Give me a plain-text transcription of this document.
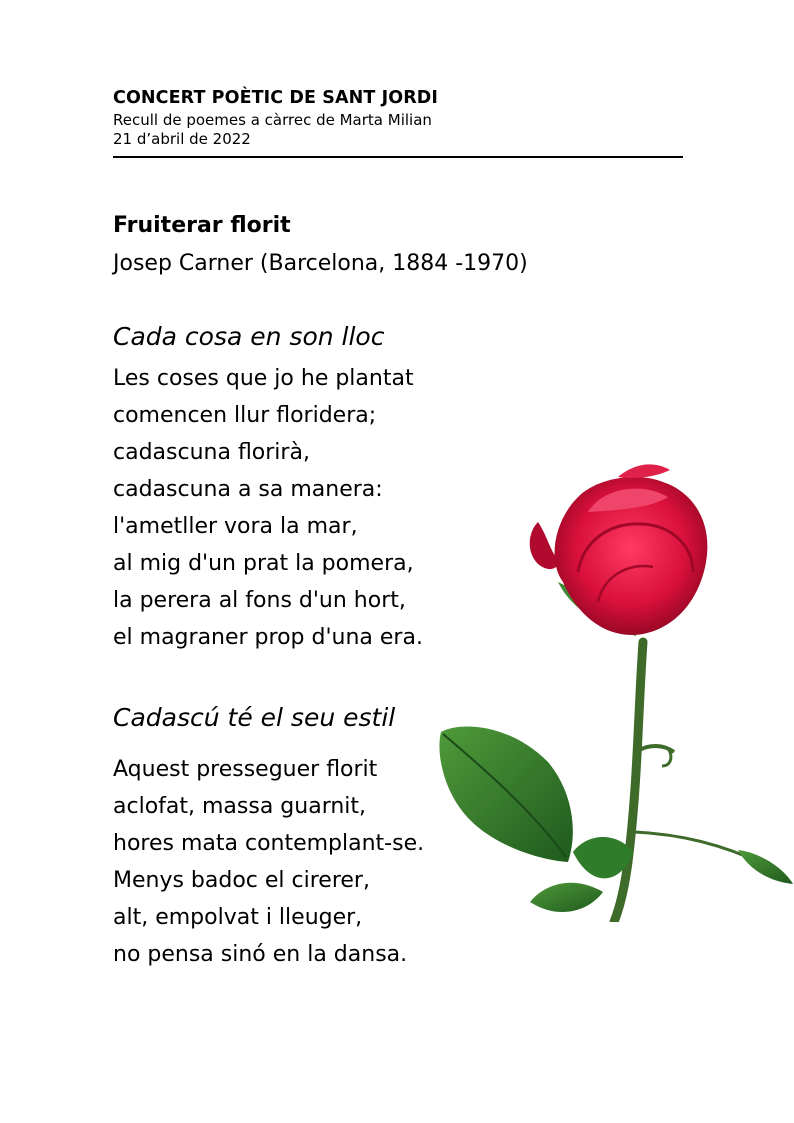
CONCERT POÈTIC DE SANT JORDI
Recull de poemes a càrrec de Marta Milian
21 d’abril de 2022
Fruiterar florit
Josep Carner (Barcelona, 1884 -1970)
Cada cosa en son lloc
Les coses que jo he plantat
comencen llur floridera;
cadascuna florirà,
cadascuna a sa manera:
l'ametller vora la mar,
al mig d'un prat la pomera,
la perera al fons d'un hort,
el magraner prop d'una era.
Cadascú té el seu estil
Aquest presseguer florit
aclofat, massa guarnit,
hores mata contemplant-se.
Menys badoc el cirerer,
alt, empolvat i lleuger,
no pensa sinó en la dansa.
